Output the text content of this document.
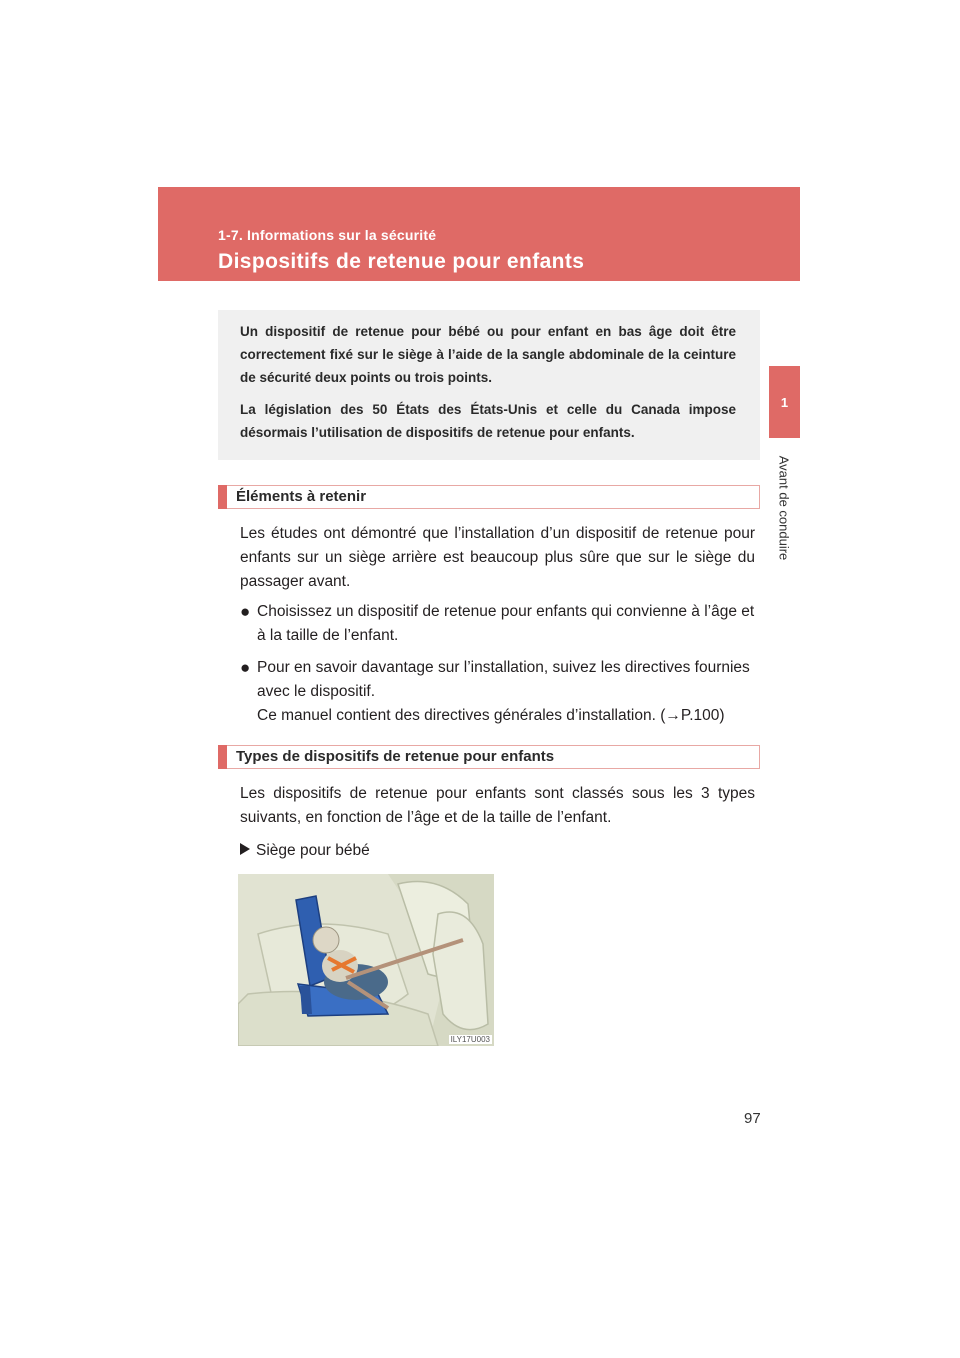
1-7. Informations sur la sécurité
Dispositifs de retenue pour enfants
1
Avant de conduire

Un dispositif de retenue pour bébé ou pour enfant en bas âge doit être correctement fixé sur le siège à l’aide de la sangle abdominale de la ceinture de sécurité deux points ou trois points.

La législation des 50 États des États-Unis et celle du Canada impose désormais l’utilisation de dispositifs de retenue pour enfants.

Éléments à retenir
Les études ont démontré que l’installation d’un dispositif de retenue pour enfants sur un siège arrière est beaucoup plus sûre que sur le siège du passager avant.
● Choisissez un dispositif de retenue pour enfants qui convienne à l’âge et à la taille de l’enfant.
● Pour en savoir davantage sur l’installation, suivez les directives fournies avec le dispositif.
Ce manuel contient des directives générales d’installation. (→P.100)
Types de dispositifs de retenue pour enfants
Les dispositifs de retenue pour enfants sont classés sous les 3 types suivants, en fonction de l’âge et de la taille de l’enfant.
Siège pour bébé
ILY17U003
97
